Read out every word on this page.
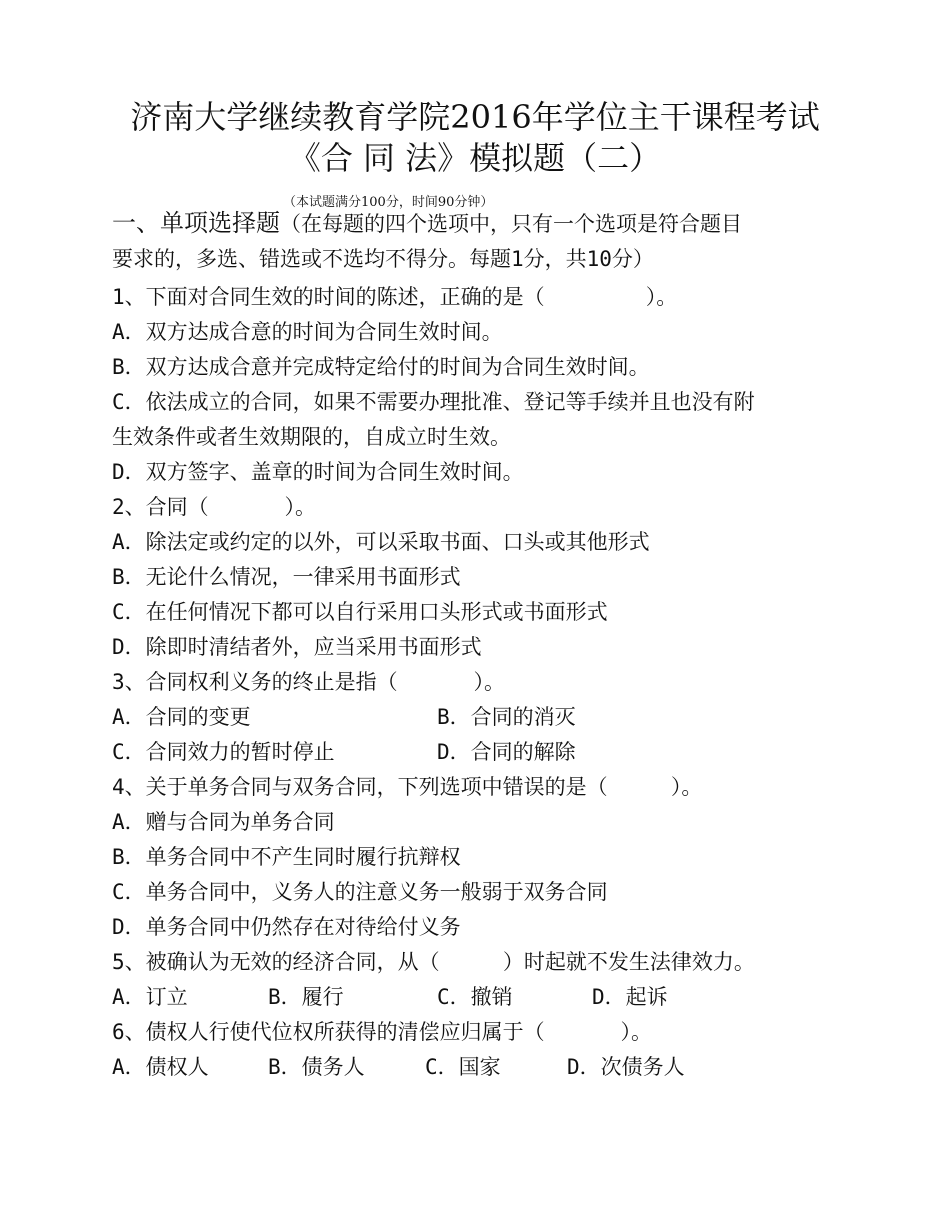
济南大学继续教育学院2016年学位主干课程考试
《合 同 法》模拟题（二）
（本试题满分100分，时间90分钟）
一、单项选择题（在每题的四个选项中，只有一个选项是符合题目
要求的，多选、错选或不选均不得分。每题1分，共10分）
1、下面对合同生效的时间的陈述，正确的是（        ）。
A．双方达成合意的时间为合同生效时间。
B．双方达成合意并完成特定给付的时间为合同生效时间。
C．依法成立的合同，如果不需要办理批准、登记等手续并且也没有附
生效条件或者生效期限的，自成立时生效。
D．双方签字、盖章的时间为合同生效时间。
2、合同（      ）。
A．除法定或约定的以外，可以采取书面、口头或其他形式
B．无论什么情况，一律采用书面形式
C．在任何情况下都可以自行采用口头形式或书面形式
D．除即时清结者外，应当采用书面形式
3、合同权利义务的终止是指（      ）。
A．合同的变更	B．合同的消灭
C．合同效力的暂时停止	D．合同的解除
4、关于单务合同与双务合同，下列选项中错误的是（     ）。
A．赠与合同为单务合同
B．单务合同中不产生同时履行抗辩权
C．单务合同中，义务人的注意义务一般弱于双务合同
D．单务合同中仍然存在对待给付义务
5、被确认为无效的经济合同，从（     ）时起就不发生法律效力。
A．订立	B．履行	C．撤销	D．起诉
6、债权人行使代位权所获得的清偿应归属于（      ）。
A．债权人	B．债务人	C．国家	D．次债务人
